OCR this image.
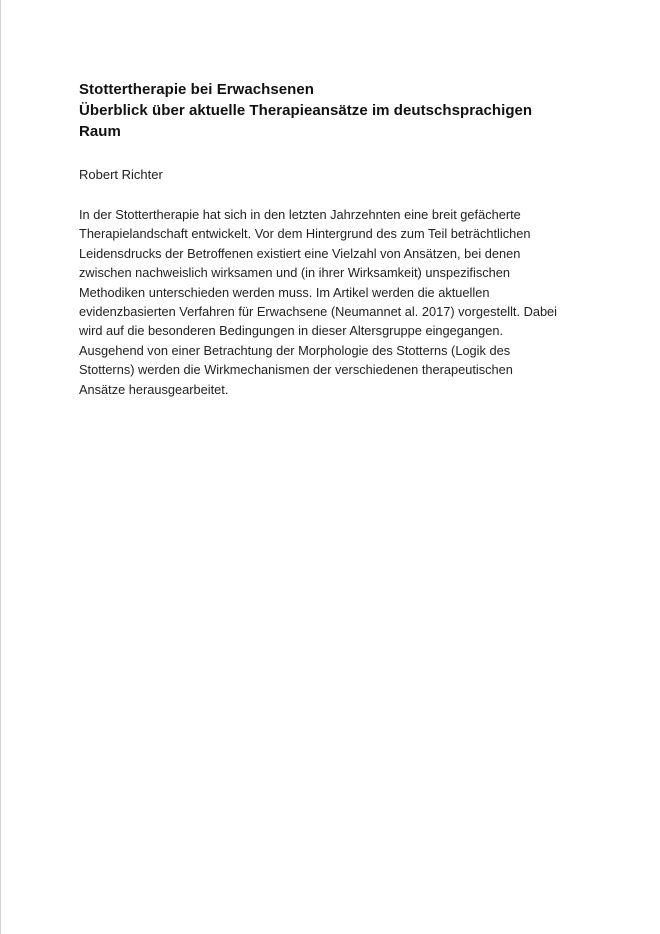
Stottertherapie bei Erwachsenen
Überblick über aktuelle Therapieansätze im deutschsprachigen
Raum
Robert Richter

In der Stottertherapie hat sich in den letzten Jahrzehnten eine breit gefächerte
Therapielandschaft entwickelt. Vor dem Hintergrund des zum Teil beträchtlichen
Leidensdrucks der Betroffenen existiert eine Vielzahl von Ansätzen, bei denen
zwischen nachweislich wirksamen und (in ihrer Wirksamkeit) unspezifischen
Methodiken unterschieden werden muss. Im Artikel werden die aktuellen
evidenzbasierten Verfahren für Erwachsene (Neumannet al. 2017) vorgestellt. Dabei
wird auf die besonderen Bedingungen in dieser Altersgruppe eingegangen.
Ausgehend von einer Betrachtung der Morphologie des Stotterns (Logik des
Stotterns) werden die Wirkmechanismen der verschiedenen therapeutischen
Ansätze herausgearbeitet.
